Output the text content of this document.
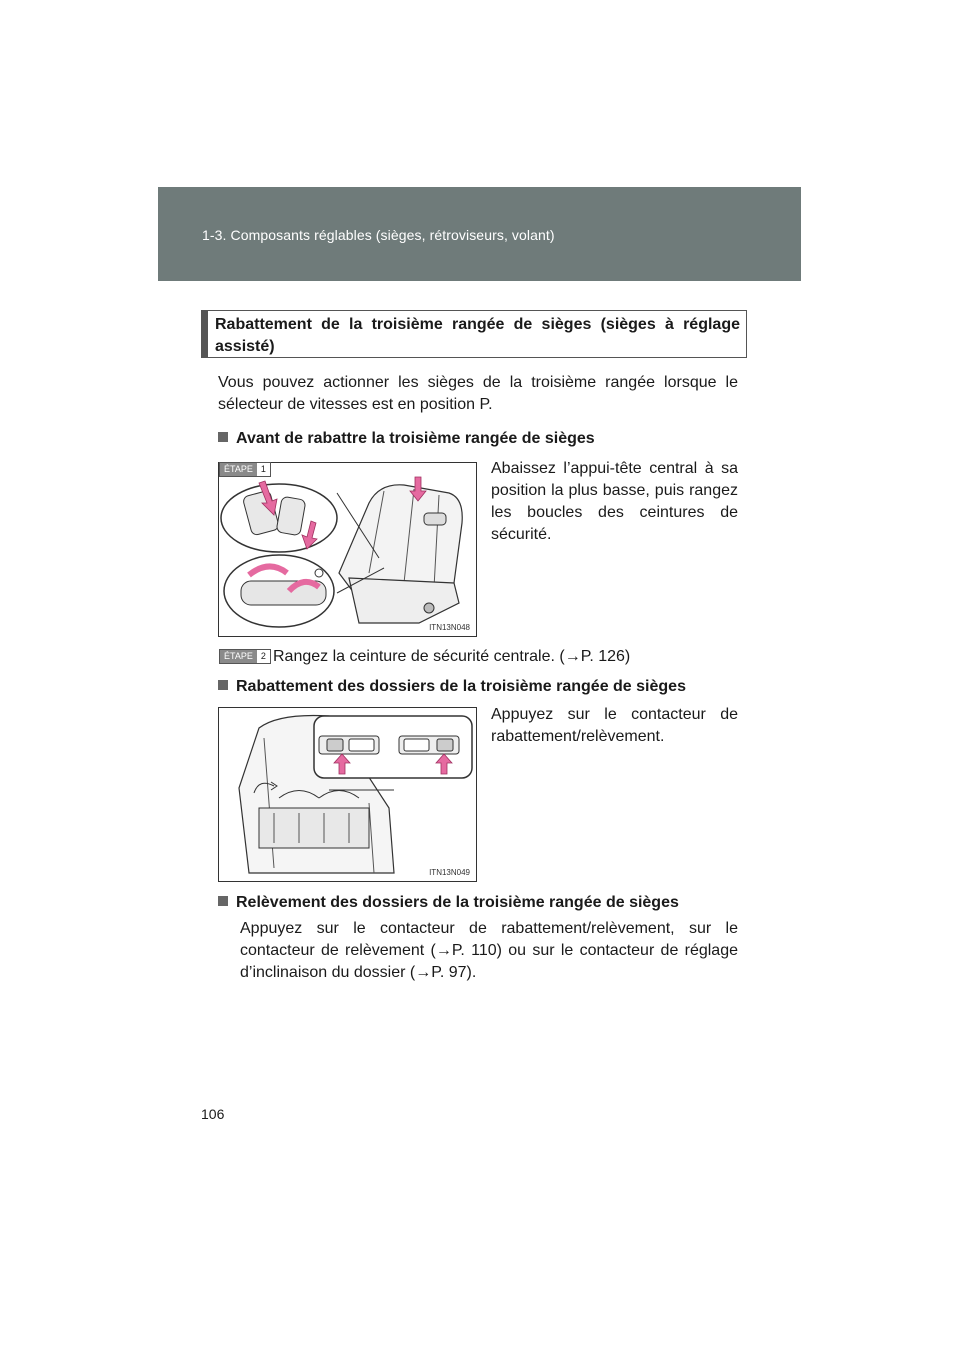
1-3. Composants réglables (sièges, rétroviseurs, volant)
Rabattement de la troisième rangée de sièges (sièges à réglage assisté)
Vous pouvez actionner les sièges de la troisième rangée lorsque le sélecteur de vitesses est en position P.
Avant de rabattre la troisième rangée de sièges
ÉTAPE 1
ITN13N048
Abaissez l’appui-tête central à sa position la plus basse, puis rangez les boucles des ceintures de sécurité.
ÉTAPE 2 Rangez la ceinture de sécurité centrale. (→P. 126)
Rabattement des dossiers de la troisième rangée de sièges
ITN13N049
Appuyez sur le contacteur de rabattement/relèvement.
Relèvement des dossiers de la troisième rangée de sièges
Appuyez sur le contacteur de rabattement/relèvement, sur le contacteur de relèvement (→P. 110) ou sur le contacteur de réglage d’inclinaison du dossier (→P. 97).
106
